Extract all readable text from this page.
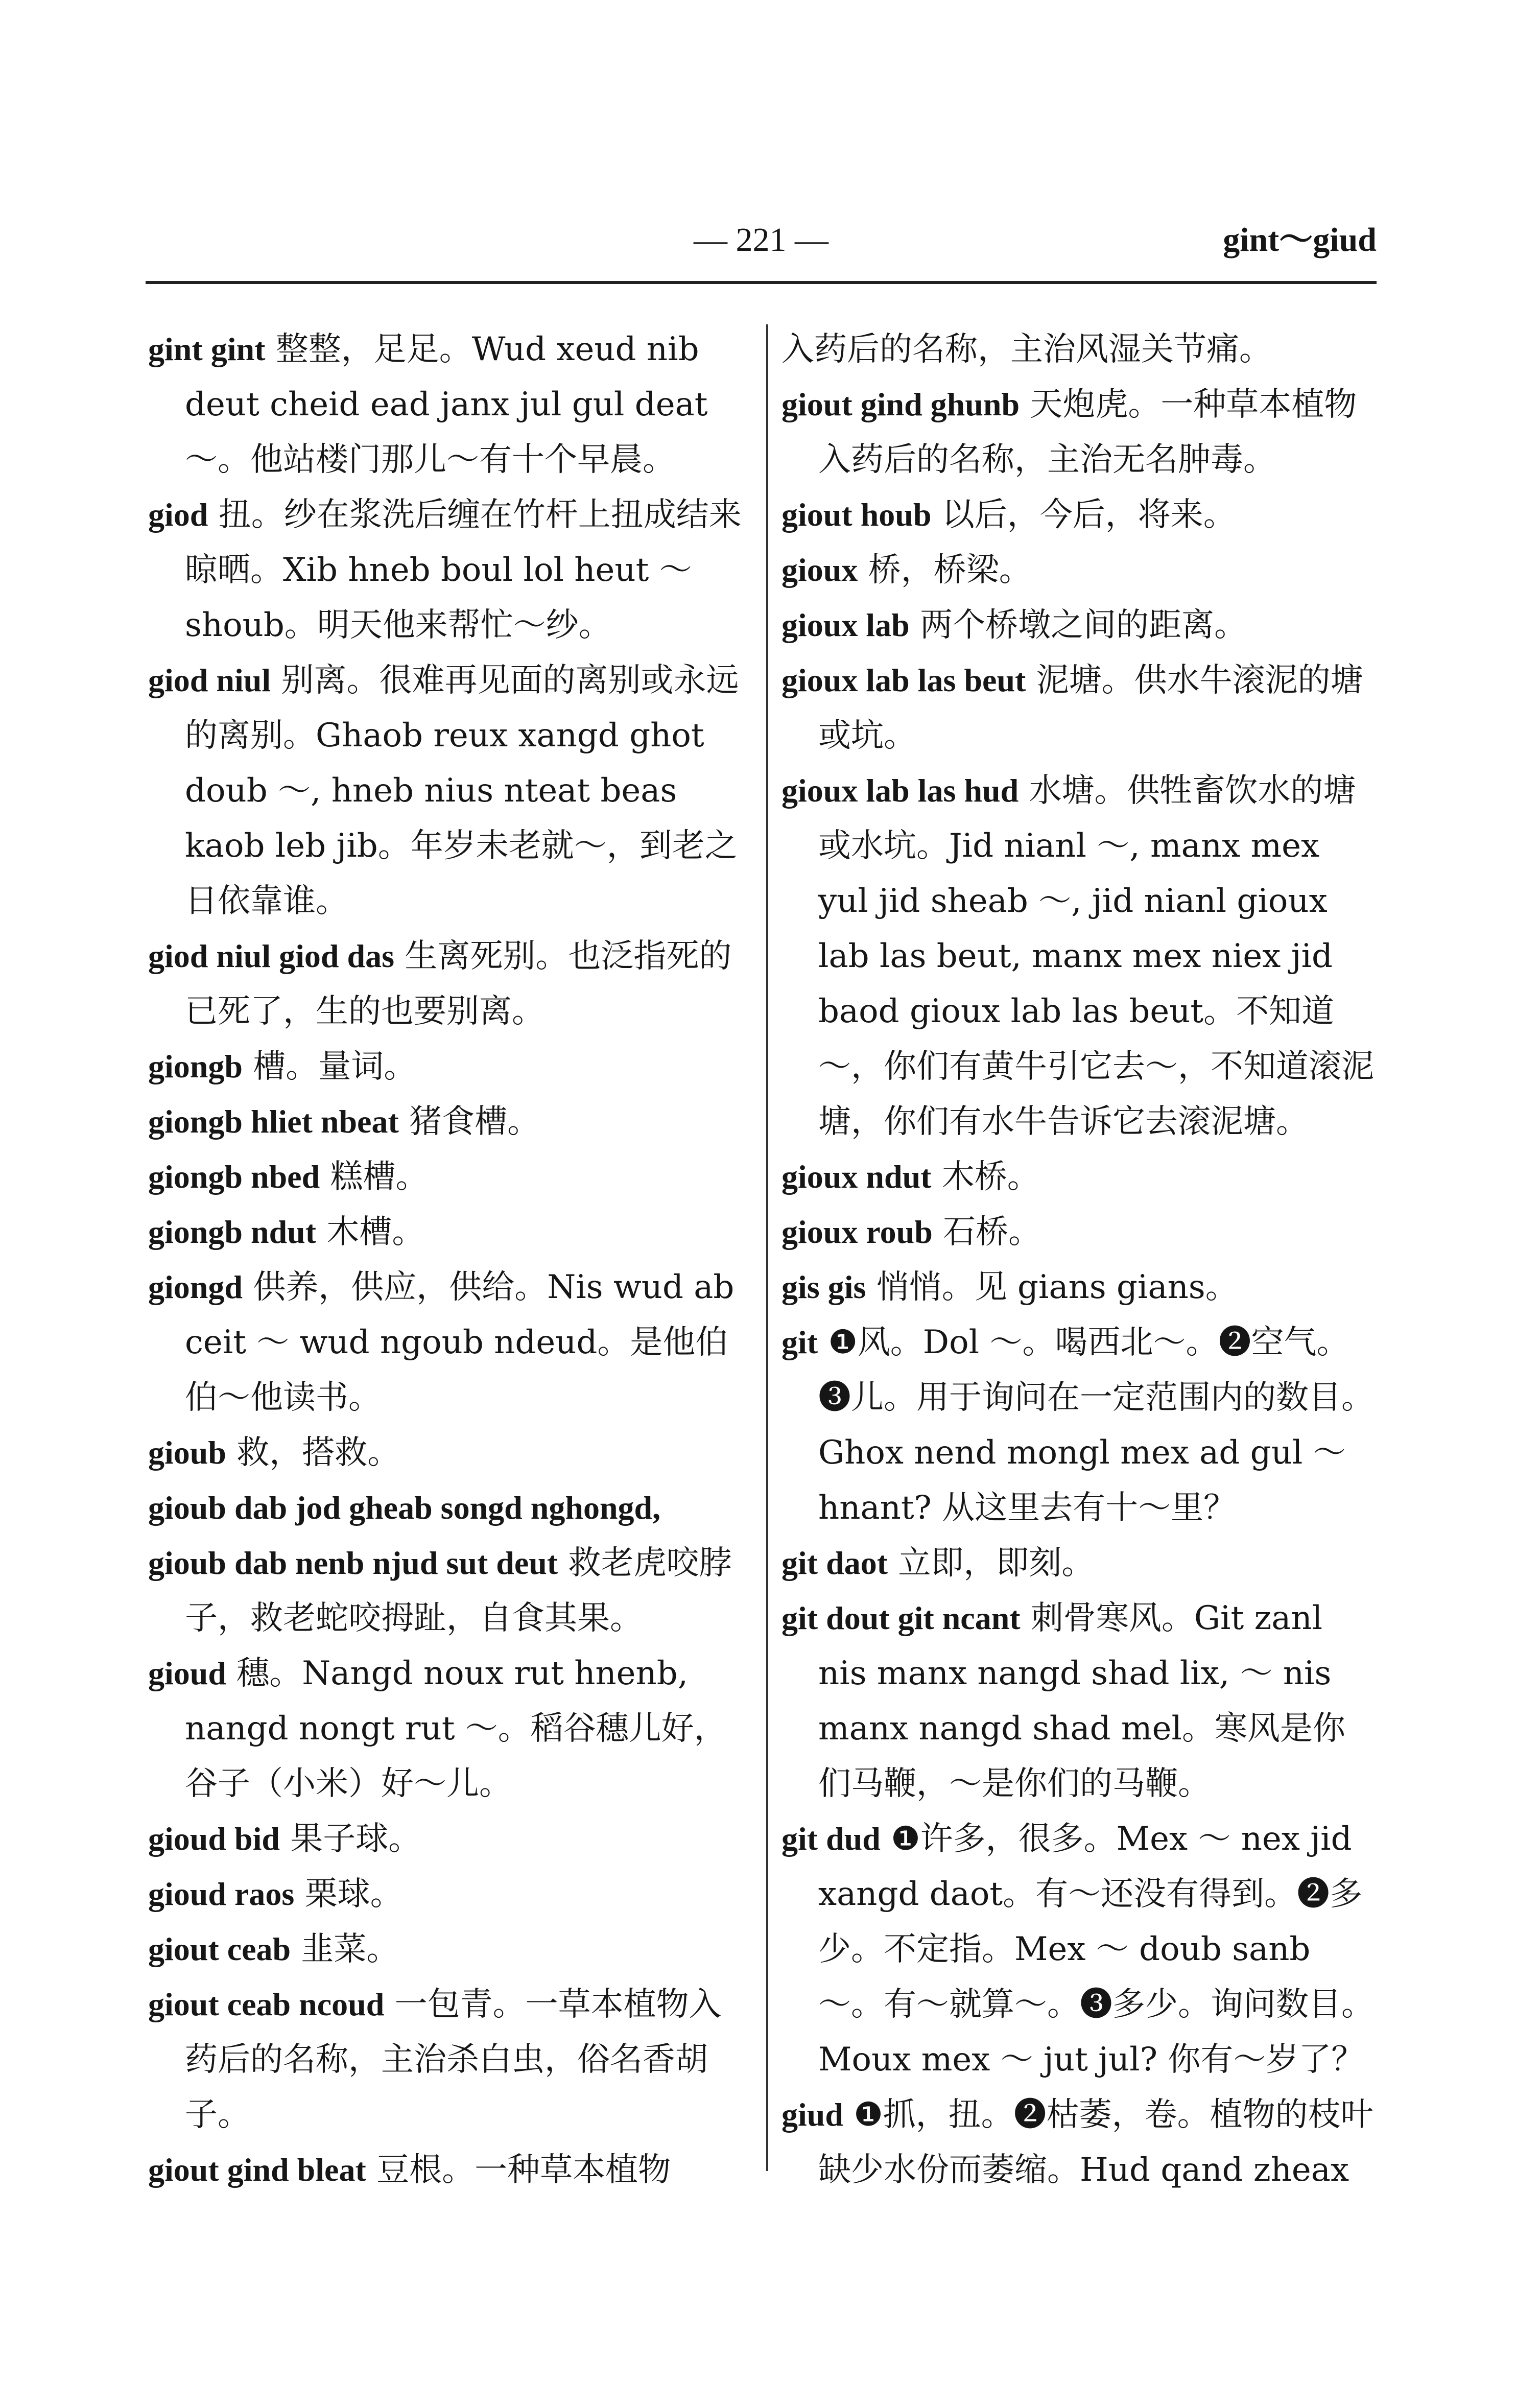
— 221 —	gint～giud

gint gint 整整，足足。Wud xeud nib deut cheid ead janx jul gul deat ～。他站楼门那儿～有十个早晨。

giod 扭。纱在浆洗后缠在竹杆上扭成结来晾晒。Xib hneb boul lol heut ～ shoub。明天他来帮忙～纱。

giod niul 别离。很难再见面的离别或永远的离别。Ghaob reux xangd ghot doub ～, hneb nius nteat beas kaob leb jib。年岁未老就～，到老之日依靠谁。

giod niul giod das 生离死别。也泛指死的已死了，生的也要别离。

giongb 槽。量词。

giongb hliet nbeat 猪食槽。

giongb nbed 糕槽。

giongb ndut 木槽。

giongd 供养，供应，供给。Nis wud ab ceit ～ wud ngoub ndeud。是他伯伯～他读书。

gioub 救，搭救。

gioub dab jod gheab songd nghongd,

gioub dab nenb njud sut deut 救老虎咬脖子，救老蛇咬拇趾，自食其果。

gioud 穗。Nangd noux rut hnenb, nangd nongt rut ～。稻谷穗儿好，谷子（小米）好～儿。

gioud bid 果子球。

gioud raos 栗球。

giout ceab 韭菜。

giout ceab ncoud 一包青。一草本植物入药后的名称，主治杀白虫，俗名香胡子。

giout gind bleat 豆根。一种草本植物

入药后的名称，主治风湿关节痛。

giout gind ghunb 天炮虎。一种草本植物入药后的名称，主治无名肿毒。

giout houb 以后，今后，将来。

gioux 桥，桥梁。

gioux lab 两个桥墩之间的距离。

gioux lab las beut 泥塘。供水牛滚泥的塘或坑。

gioux lab las hud 水塘。供牲畜饮水的塘或水坑。Jid nianl ～, manx mex yul jid sheab ～, jid nianl gioux lab las beut, manx mex niex jid baod gioux lab las beut。不知道～，你们有黄牛引它去～，不知道滚泥塘，你们有水牛告诉它去滚泥塘。

gioux ndut 木桥。

gioux roub 石桥。

gis gis 悄悄。见 gians gians。

git ❶风。Dol ～。喝西北～。❷空气。❸儿。用于询问在一定范围内的数目。Ghox nend mongl mex ad gul ～ hnant? 从这里去有十～里？

git daot 立即，即刻。

git dout git ncant 刺骨寒风。Git zanl nis manx nangd shad lix, ～ nis manx nangd shad mel。寒风是你们马鞭，～是你们的马鞭。

git dud ❶许多，很多。Mex ～ nex jid xangd daot。有～还没有得到。❷多少。不定指。Mex ～ doub sanb ～。有～就算～。❸多少。询问数目。Moux mex ～ jut jul? 你有～岁了？

giud ❶抓，扭。❷枯萎，卷。植物的枝叶缺少水份而萎缩。Hud qand zheax
